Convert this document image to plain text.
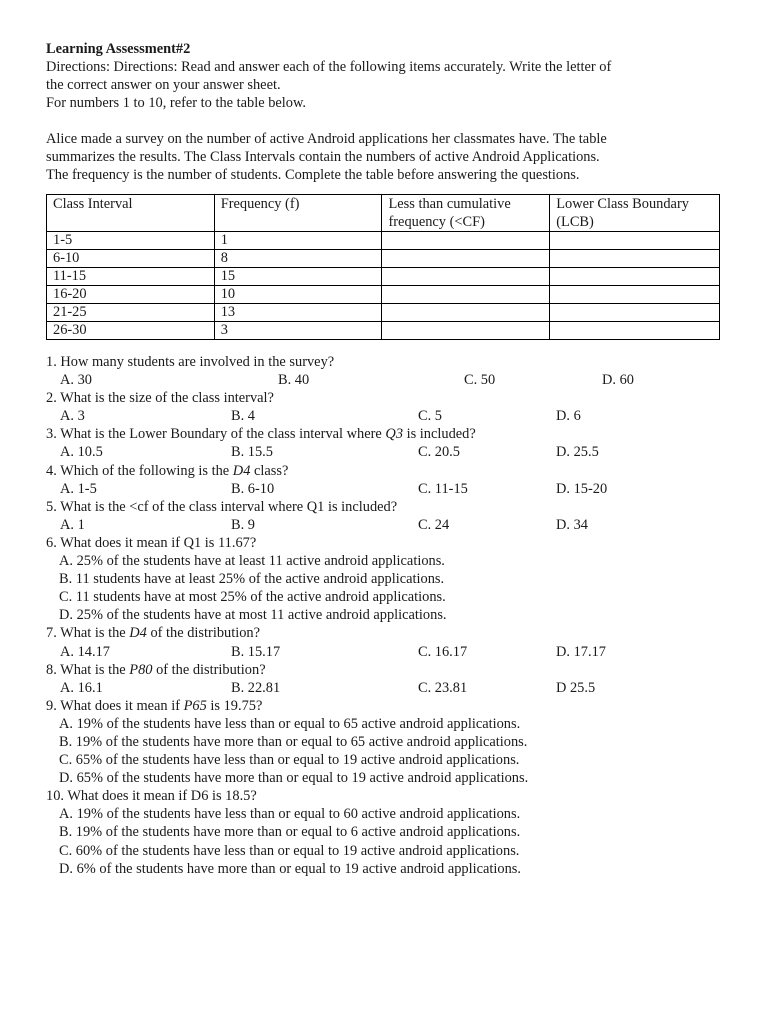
Learning Assessment#2
Directions: Directions: Read and answer each of the following items accurately. Write the letter of
the correct answer on your answer sheet.
For numbers 1 to 10, refer to the table below.
Alice made a survey on the number of active Android applications her classmates have. The table
summarizes the results. The Class Intervals contain the numbers of active Android Applications.
The frequency is the number of students. Complete the table before answering the questions.
Class Interval	Frequency (f)	Less than cumulative frequency (<CF)	Lower Class Boundary (LCB)
1-5	1		
6-10	8		
11-15	15		
16-20	10		
21-25	13		
26-30	3		
1. How many students are involved in the survey?
A. 30	B. 40	C. 50	D. 60
2. What is the size of the class interval?
A. 3	B. 4	C. 5	D. 6
3. What is the Lower Boundary of the class interval where Q3 is included?
A. 10.5	B. 15.5	C. 20.5	D. 25.5
4. Which of the following is the D4 class?
A. 1-5	B. 6-10	C. 11-15	D. 15-20
5. What is the <cf of the class interval where Q1 is included?
A. 1	B. 9	C. 24	D. 34
6. What does it mean if Q1 is 11.67?
A. 25% of the students have at least 11 active android applications.
B. 11 students have at least 25% of the active android applications.
C. 11 students have at most 25% of the active android applications.
D. 25% of the students have at most 11 active android applications.
7. What is the D4 of the distribution?
A. 14.17	B. 15.17	C. 16.17	D. 17.17
8. What is the P80 of the distribution?
A. 16.1	B. 22.81	C. 23.81	D 25.5
9. What does it mean if P65 is 19.75?
A. 19% of the students have less than or equal to 65 active android applications.
B. 19% of the students have more than or equal to 65 active android applications.
C. 65% of the students have less than or equal to 19 active android applications.
D. 65% of the students have more than or equal to 19 active android applications.
10. What does it mean if D6 is 18.5?
A. 19% of the students have less than or equal to 60 active android applications.
B. 19% of the students have more than or equal to 6 active android applications.
C. 60% of the students have less than or equal to 19 active android applications.
D. 6% of the students have more than or equal to 19 active android applications.
